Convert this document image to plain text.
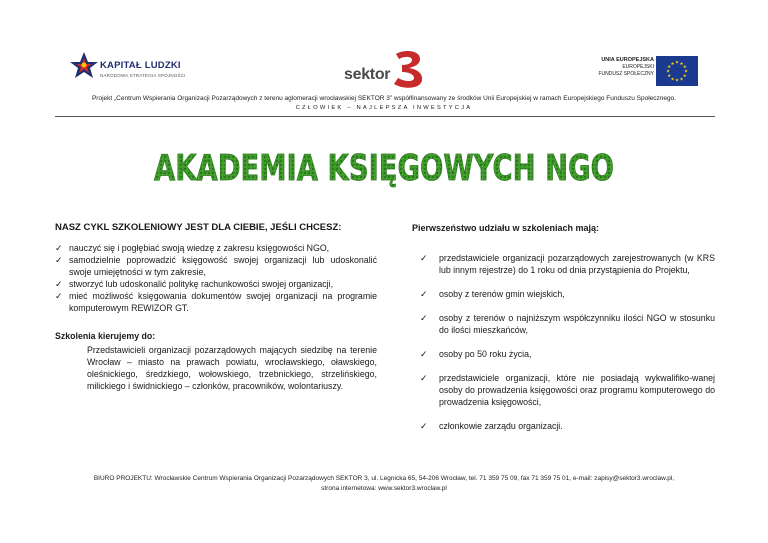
KAPITAŁ LUDZKI
NARODOWA STRATEGIA SPÓJNOŚCI	sektor
UNIA EUROPEJSKA
EUROPEJSKI
FUNDUSZ SPOŁECZNY
★ ★
★
★
★
★
★
★
★
★
★
★
Projekt „Centrum Wspierania Organizacji Pozarządowych z terenu aglomeracji wrocławskiej SEKTOR 3” współfinansowany ze środków Unii Europejskiej w ramach Europejskiego Funduszu Społecznego.
CZŁOWIEK – NAJLEPSZA INWESTYCJA
AKADEMIA KSIĘGOWYCH NGO
NASZ CYKL SZKOLENIOWY JEST DLA CIEBIE, JEŚLI CHCESZ:
✓ nauczyć się i pogłębiać swoją wiedzę z zakresu księgowości NGO,
✓ samodzielnie poprowadzić księgowość swojej organizacji lub udoskonalić swoje umiejętności w tym zakresie,
✓ stworzyć lub udoskonalić politykę rachunkowości swojej organizacji,
✓ mieć możliwość księgowania dokumentów swojej organizacji na programie komputerowym REWIZOR GT.
Szkolenia kierujemy do:
Przedstawicieli organizacji pozarządowych mających siedzibę na terenie Wrocław – miasto na prawach powiatu, wrocławskiego, oławskiego, oleśnickiego, średzkiego, wołowskiego, trzebnickiego, strzelińskiego, milickiego i świdnickiego – członków, pracowników, wolontariuszy.
Pierwszeństwo udziału w szkoleniach mają:
✓ przedstawiciele organizacji pozarządowych zarejestrowanych (w KRS lub innym rejestrze) do 1 roku od dnia przystąpienia do Projektu,
✓ osoby z terenów gmin wiejskich,
✓ osoby z terenów o najniższym współczynniku ilości NGO w stosunku do ilości mieszkańców,
✓ osoby po 50 roku życia,
✓ przedstawiciele organizacji, które nie posiadają wykwalifiko-wanej osoby do prowadzenia księgowości oraz programu komputerowego do prowadzenia księgowości,
✓ członkowie zarządu organizacji.
BIURO PROJEKTU: Wrocławskie Centrum Wspierania Organizacji Pozarządowych SEKTOR 3, ul. Legnicka 65, 54-206 Wrocław, tel. 71 359 75 09, fax 71 359 75 01, e-mail: zapisy@sektor3.wroclaw.pl,
strona internetowa: www.sektor3.wroclaw.pl
